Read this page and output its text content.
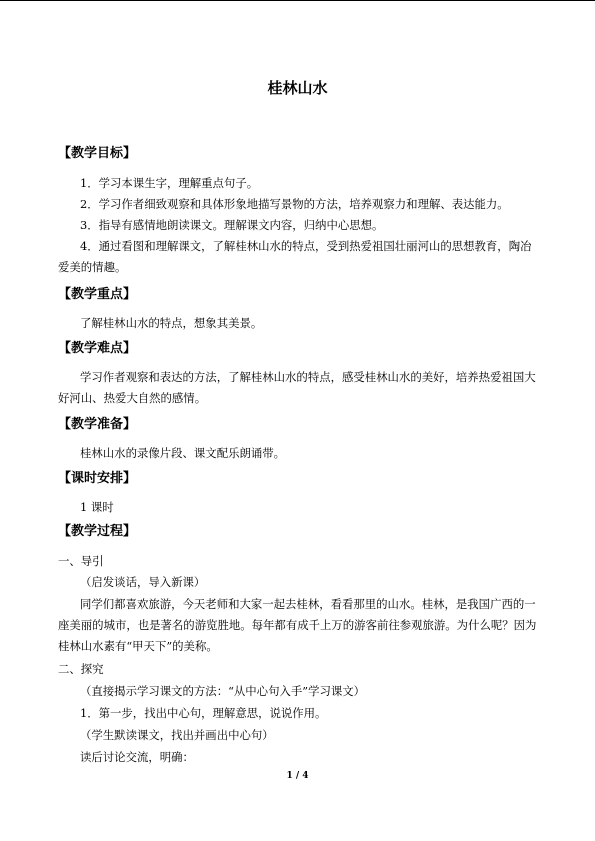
桂林山水
【教学目标】

1．学习本课生字，理解重点句子。

2．学习作者细致观察和具体形象地描写景物的方法，培养观察力和理解、表达能力。

3．指导有感情地朗读课文。理解课文内容，归纳中心思想。

4．通过看图和理解课文，了解桂林山水的特点，受到热爱祖国壮丽河山的思想教育，陶冶爱美的情趣。

【教学重点】

了解桂林山水的特点，想象其美景。

【教学难点】

学习作者观察和表达的方法，了解桂林山水的特点，感受桂林山水的美好，培养热爱祖国大好河山、热爱大自然的感情。

【教学准备】

桂林山水的录像片段、课文配乐朗诵带。

【课时安排】

1 课时

【教学过程】

一、导引

（启发谈话，导入新课）

同学们都喜欢旅游，今天老师和大家一起去桂林，看看那里的山水。桂林，是我国广西的一座美丽的城市，也是著名的游览胜地。每年都有成千上万的游客前往参观旅游。为什么呢？因为桂林山水素有“甲天下”的美称。

二、探究

（直接揭示学习课文的方法：“从中心句入手”学习课文）

1．第一步，找出中心句，理解意思，说说作用。

（学生默读课文，找出并画出中心句）

读后讨论交流，明确：

1 / 4
